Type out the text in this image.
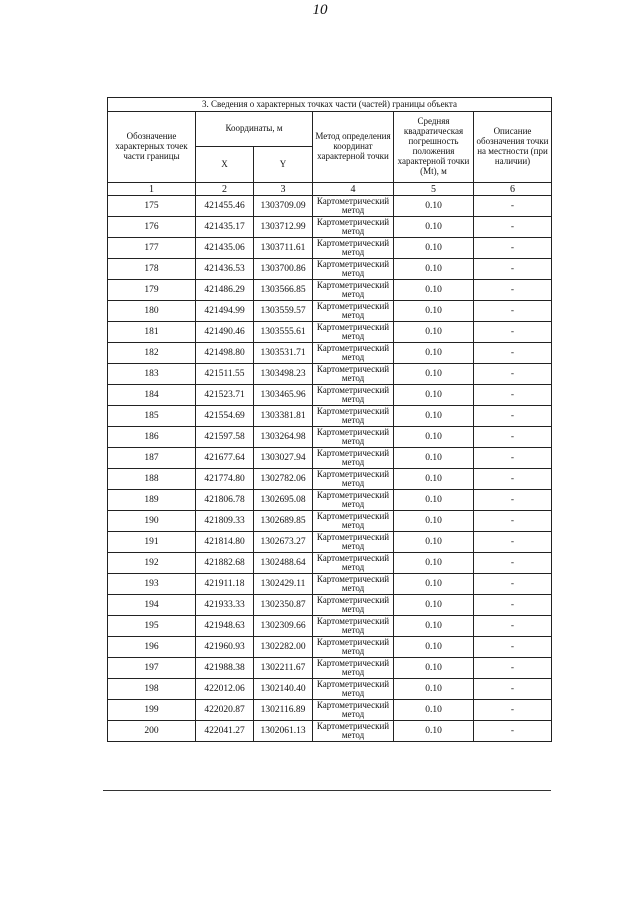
10
3. Сведения о характерных точках части (частей) границы объекта					
Обозначение характерных точек части границы	Координаты, м		Метод определения координат характерной точки	Средняя квадратическая погрешность положения характерной точки (Mt), м	Описание обозначения точки на местности (при наличии)
	X	Y			
1	2	3	4	5	6
175	421455.46	1303709.09	Картометрический метод	0.10	-
176	421435.17	1303712.99	Картометрический метод	0.10	-
177	421435.06	1303711.61	Картометрический метод	0.10	-
178	421436.53	1303700.86	Картометрический метод	0.10	-
179	421486.29	1303566.85	Картометрический метод	0.10	-
180	421494.99	1303559.57	Картометрический метод	0.10	-
181	421490.46	1303555.61	Картометрический метод	0.10	-
182	421498.80	1303531.71	Картометрический метод	0.10	-
183	421511.55	1303498.23	Картометрический метод	0.10	-
184	421523.71	1303465.96	Картометрический метод	0.10	-
185	421554.69	1303381.81	Картометрический метод	0.10	-
186	421597.58	1303264.98	Картометрический метод	0.10	-
187	421677.64	1303027.94	Картометрический метод	0.10	-
188	421774.80	1302782.06	Картометрический метод	0.10	-
189	421806.78	1302695.08	Картометрический метод	0.10	-
190	421809.33	1302689.85	Картометрический метод	0.10	-
191	421814.80	1302673.27	Картометрический метод	0.10	-
192	421882.68	1302488.64	Картометрический метод	0.10	-
193	421911.18	1302429.11	Картометрический метод	0.10	-
194	421933.33	1302350.87	Картометрический метод	0.10	-
195	421948.63	1302309.66	Картометрический метод	0.10	-
196	421960.93	1302282.00	Картометрический метод	0.10	-
197	421988.38	1302211.67	Картометрический метод	0.10	-
198	422012.06	1302140.40	Картометрический метод	0.10	-
199	422020.87	1302116.89	Картометрический метод	0.10	-
200	422041.27	1302061.13	Картометрический метод	0.10	-
